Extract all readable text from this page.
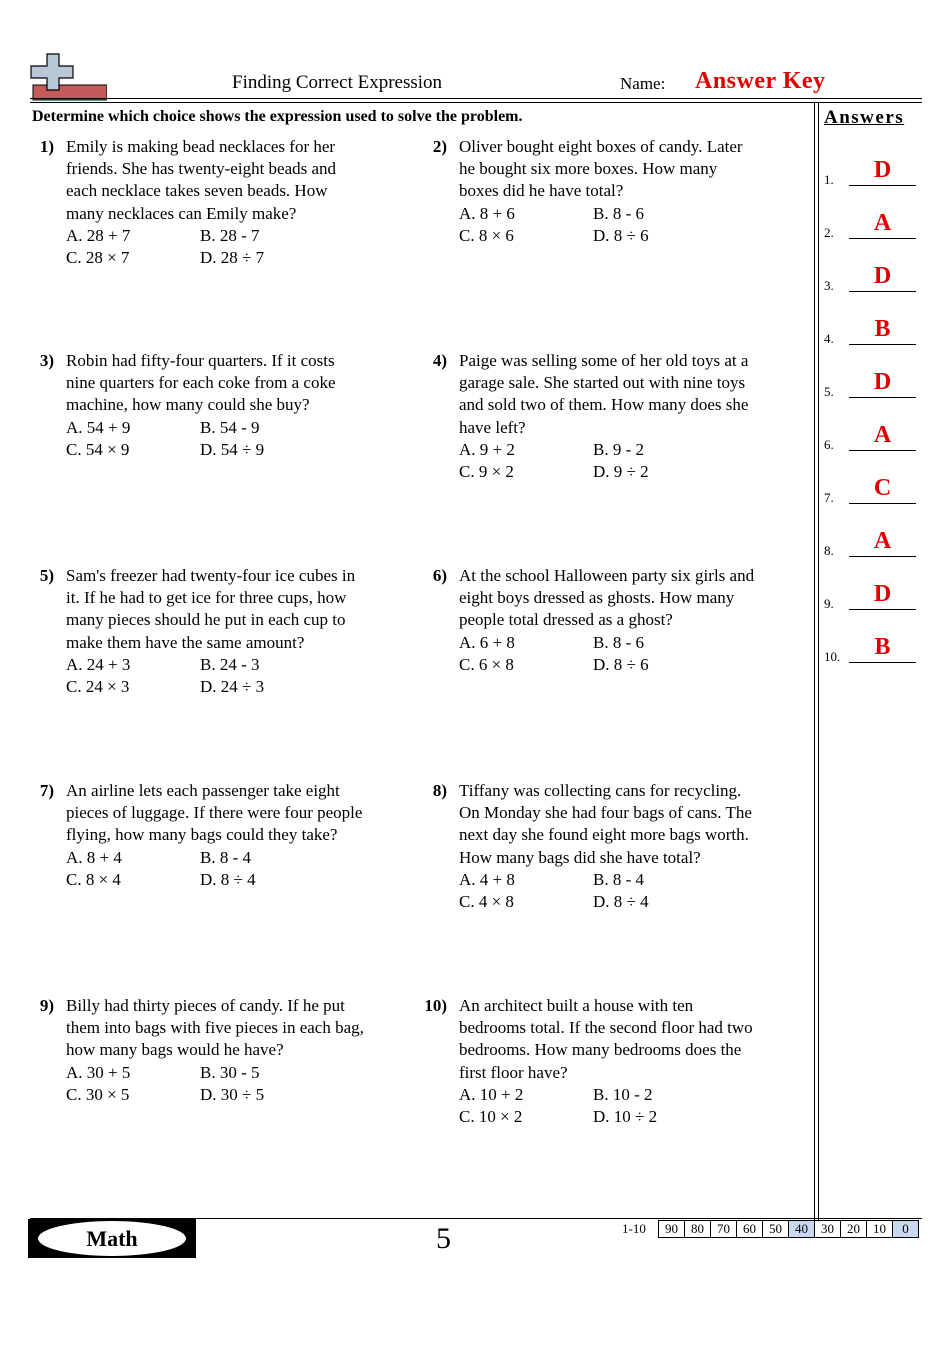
Finding Correct Expression	Name: Answer Key
Determine which choice shows the expression used to solve the problem.	Answers
1.	D
2.	A
3.	D
4.	B
5.	D
6.	A
7.	C
8.	A
9.	D
10.	B
1) Emily is making bead necklaces for her friends. She has twenty-eight beads and each necklace takes seven beads. How many necklaces can Emily make?
A. 28 + 7	B. 28 - 7
C. 28 × 7	D. 28 ÷ 7
2) Oliver bought eight boxes of candy. Later he bought six more boxes. How many boxes did he have total?
A. 8 + 6	B. 8 - 6
C. 8 × 6	D. 8 ÷ 6
3) Robin had fifty-four quarters. If it costs nine quarters for each coke from a coke machine, how many could she buy?
A. 54 + 9	B. 54 - 9
C. 54 × 9	D. 54 ÷ 9
4) Paige was selling some of her old toys at a garage sale. She started out with nine toys and sold two of them. How many does she have left?
A. 9 + 2	B. 9 - 2
C. 9 × 2	D. 9 ÷ 2
5) Sam's freezer had twenty-four ice cubes in it. If he had to get ice for three cups, how many pieces should he put in each cup to make them have the same amount?
A. 24 + 3	B. 24 - 3
C. 24 × 3	D. 24 ÷ 3
6) At the school Halloween party six girls and eight boys dressed as ghosts. How many people total dressed as a ghost?
A. 6 + 8	B. 8 - 6
C. 6 × 8	D. 8 ÷ 6
7) An airline lets each passenger take eight pieces of luggage. If there were four people flying, how many bags could they take?
A. 8 + 4	B. 8 - 4
C. 8 × 4	D. 8 ÷ 4
8) Tiffany was collecting cans for recycling. On Monday she had four bags of cans. The next day she found eight more bags worth. How many bags did she have total?
A. 4 + 8	B. 8 - 4
C. 4 × 8	D. 8 ÷ 4
9) Billy had thirty pieces of candy. If he put them into bags with five pieces in each bag, how many bags would he have?
A. 30 + 5	B. 30 - 5
C. 30 × 5	D. 30 ÷ 5
10) An architect built a house with ten bedrooms total. If the second floor had two bedrooms. How many bedrooms does the first floor have?
A. 10 + 2	B. 10 - 2
C. 10 × 2	D. 10 ÷ 2
Math	5	1-10 90	80	70	60	50	40	30	20	10	0
